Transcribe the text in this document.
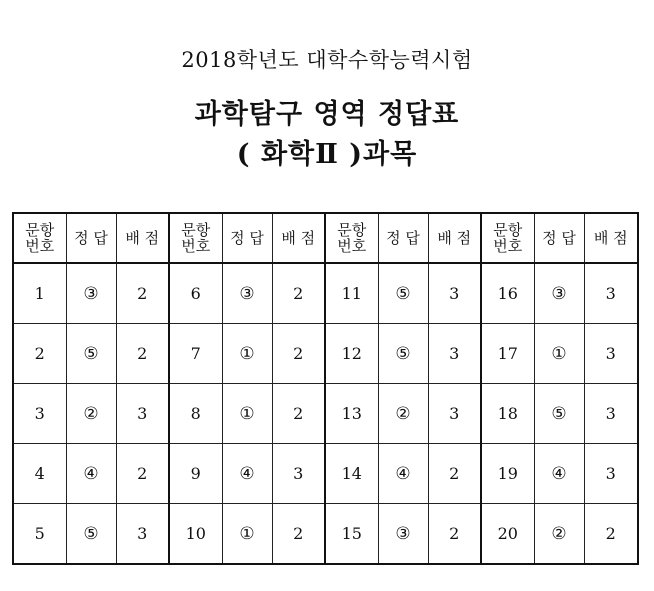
2018학년도 대학수학능력시험
과학탐구 영역 정답표
( 화학Ⅱ )과목
문항 번호	정 답	배 점	문항 번호	정 답	배 점	문항 번호	정 답	배 점	문항 번호	정 답	배 점
1	③	2	6	③	2	11	⑤	3	16	③	3
2	⑤	2	7	①	2	12	⑤	3	17	①	3
3	②	3	8	①	2	13	②	3	18	⑤	3
4	④	2	9	④	3	14	④	2	19	④	3
5	⑤	3	10	①	2	15	③	2	20	②	2
